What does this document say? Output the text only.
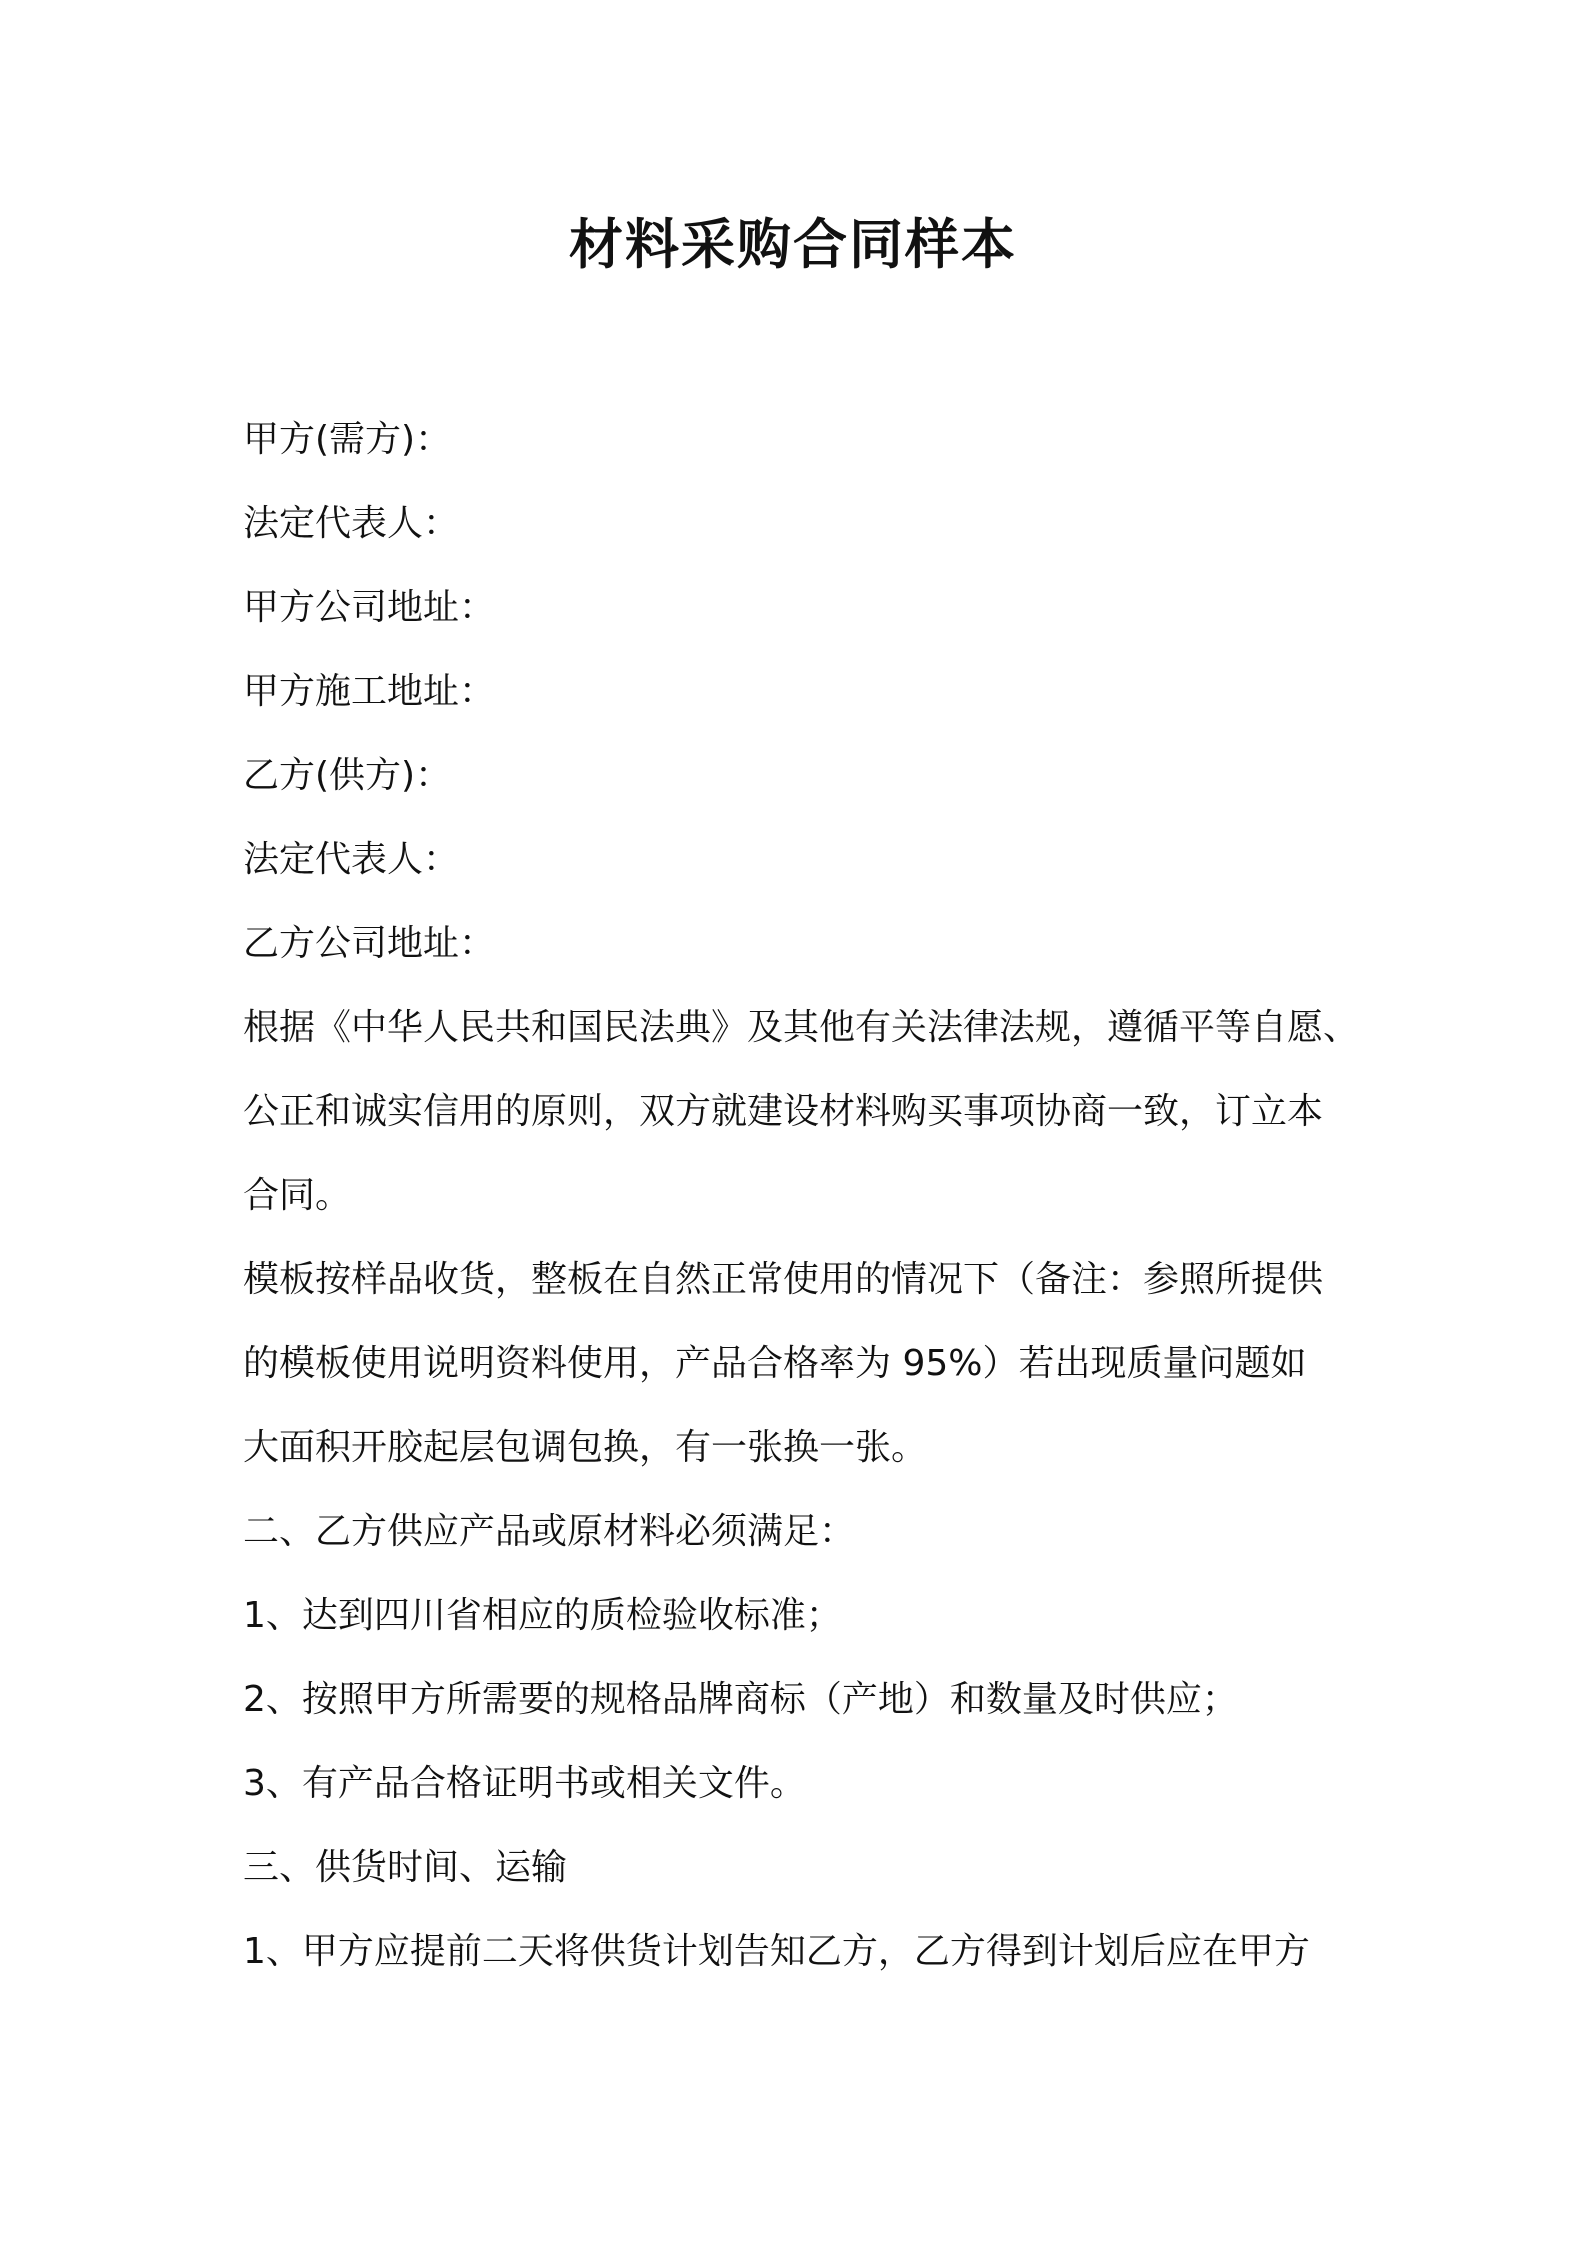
材料采购合同样本
甲方(需方)：
法定代表人：
甲方公司地址：
甲方施工地址：
乙方(供方)：
法定代表人：
乙方公司地址：
根据《中华人民共和国民法典》及其他有关法律法规，遵循平等自愿、
公正和诚实信用的原则，双方就建设材料购买事项协商一致，订立本
合同。
模板按样品收货，整板在自然正常使用的情况下（备注：参照所提供
的模板使用说明资料使用，产品合格率为 95%）若出现质量问题如
大面积开胶起层包调包换，有一张换一张。
二、乙方供应产品或原材料必须满足：
1、达到四川省相应的质检验收标准；
2、按照甲方所需要的规格品牌商标（产地）和数量及时供应；
3、有产品合格证明书或相关文件。
三、供货时间、运输
1、甲方应提前二天将供货计划告知乙方，乙方得到计划后应在甲方
